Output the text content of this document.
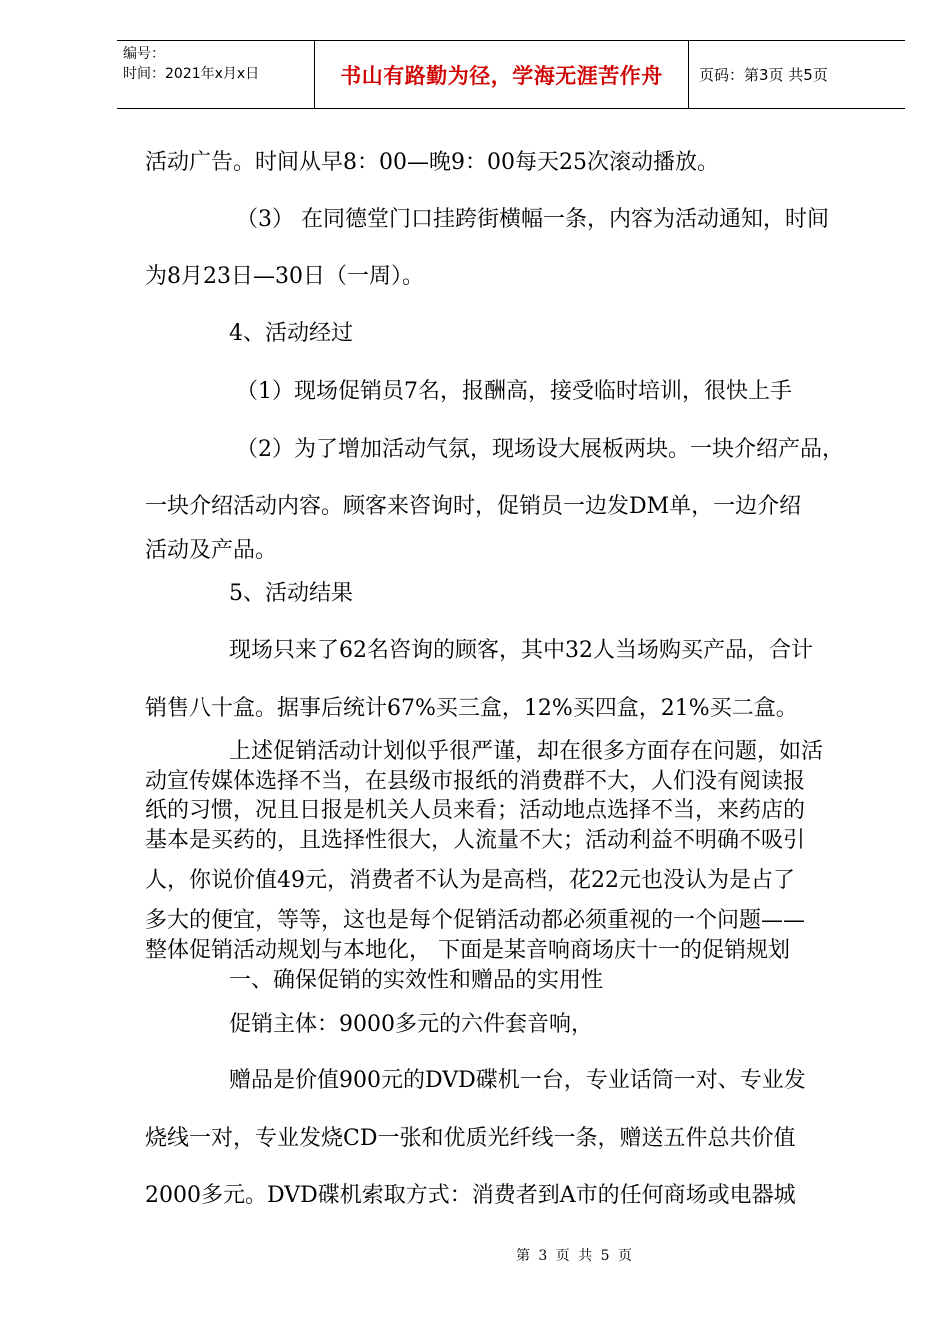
编号：
时间：2021年x月x日	书山有路勤为径，学海无涯苦作舟	页码：第3页 共5页
活动广告。时间从早8：00—晚9：00每天25次滚动播放。
（3） 在同德堂门口挂跨街横幅一条，内容为活动通知，时间
为8月23日—30日（一周）。
4、活动经过
（1）现场促销员7名，报酬高，接受临时培训，很快上手
（2）为了增加活动气氛，现场设大展板两块。一块介绍产品，
一块介绍活动内容。顾客来咨询时，促销员一边发DM单，一边介绍
活动及产品。
5、活动结果
现场只来了62名咨询的顾客，其中32人当场购买产品，合计
销售八十盒。据事后统计67%买三盒，12%买四盒，21%买二盒。
上述促销活动计划似乎很严谨，却在很多方面存在问题，如活
动宣传媒体选择不当，在县级市报纸的消费群不大，人们没有阅读报
纸的习惯，况且日报是机关人员来看；活动地点选择不当，来药店的
基本是买药的，且选择性很大，人流量不大；活动利益不明确不吸引
人，你说价值49元，消费者不认为是高档，花22元也没认为是占了
多大的便宜，等等，这也是每个促销活动都必须重视的一个问题——
整体促销活动规划与本地化， 下面是某音响商场庆十一的促销规划
一、确保促销的实效性和赠品的实用性
促销主体：9000多元的六件套音响，
赠品是价值900元的DVD碟机一台，专业话筒一对、专业发
烧线一对，专业发烧CD一张和优质光纤线一条，赠送五件总共价值
2000多元。DVD碟机索取方式：消费者到A市的任何商场或电器城
第 3 页 共 5 页
